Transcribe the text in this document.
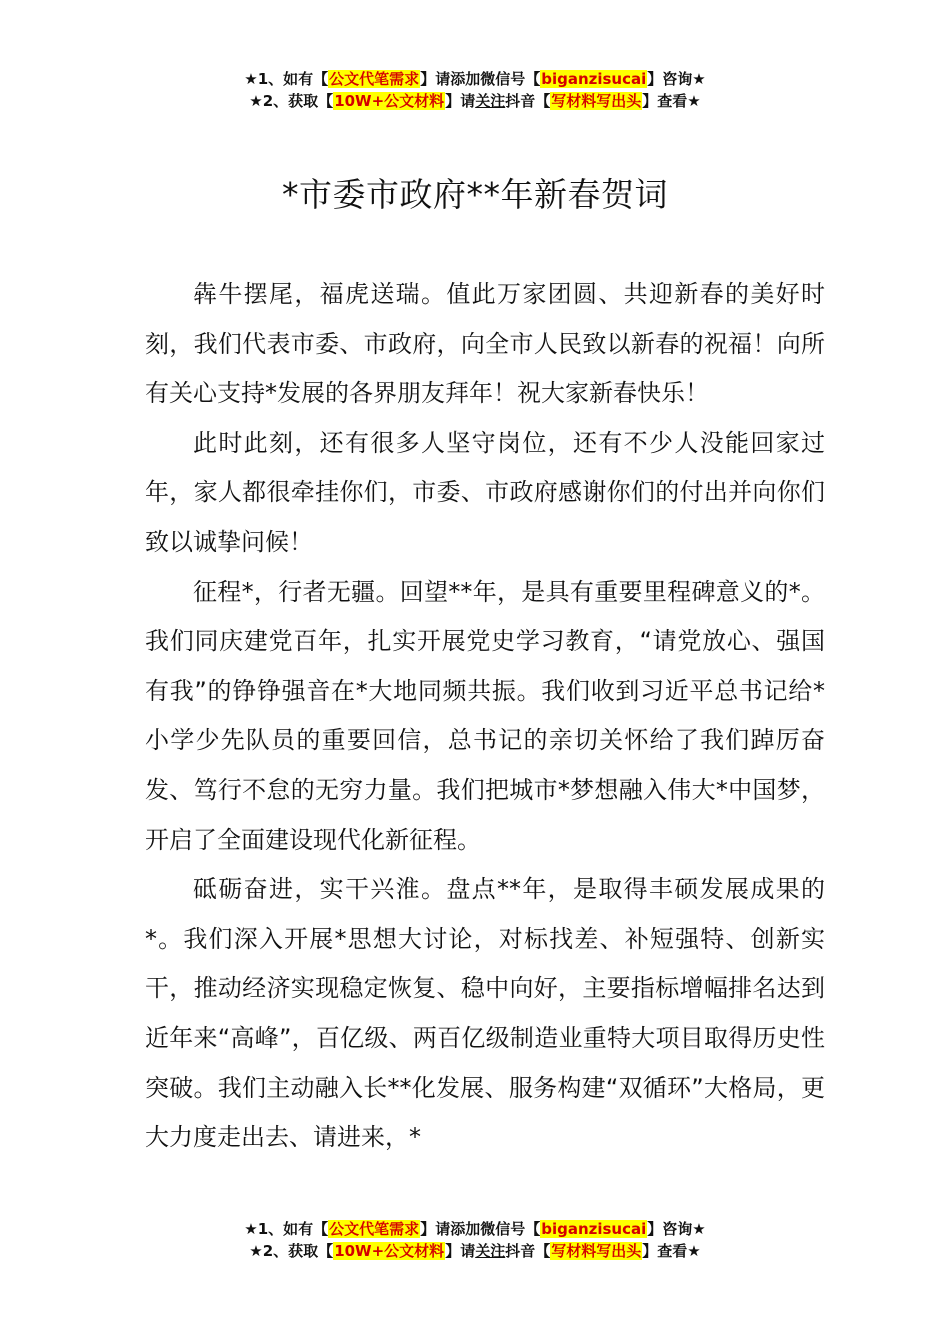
★1、如有【公文代笔需求】请添加微信号【biganzisucai】咨询★
★2、获取【10W+公文材料】请关注抖音【写材料写出头】查看★
*市委市政府**年新春贺词

犇牛摆尾，福虎送瑞。值此万家团圆、共迎新春的美好时刻，我们代表市委、市政府，向全市人民致以新春的祝福！向所有关心支持*发展的各界朋友拜年！祝大家新春快乐！

此时此刻，还有很多人坚守岗位，还有不少人没能回家过年，家人都很牵挂你们，市委、市政府感谢你们的付出并向你们致以诚挚问候！

征程*，行者无疆。回望**年，是具有重要里程碑意义的*。我们同庆建党百年，扎实开展党史学习教育，“请党放心、强国有我”的铮铮强音在*大地同频共振。我们收到习近平总书记给*小学少先队员的重要回信，总书记的亲切关怀给了我们踔厉奋发、笃行不怠的无穷力量。我们把城市*梦想融入伟大*中国梦，开启了全面建设现代化新征程。

砥砺奋进，实干兴淮。盘点**年，是取得丰硕发展成果的*。我们深入开展*思想大讨论，对标找差、补短强特、创新实干，推动经济实现稳定恢复、稳中向好，主要指标增幅排名达到近年来“高峰”，百亿级、两百亿级制造业重特大项目取得历史性突破。我们主动融入长**化发展、服务构建“双循环”大格局，更大力度走出去、请进来，*

★1、如有【公文代笔需求】请添加微信号【biganzisucai】咨询★
★2、获取【10W+公文材料】请关注抖音【写材料写出头】查看★
